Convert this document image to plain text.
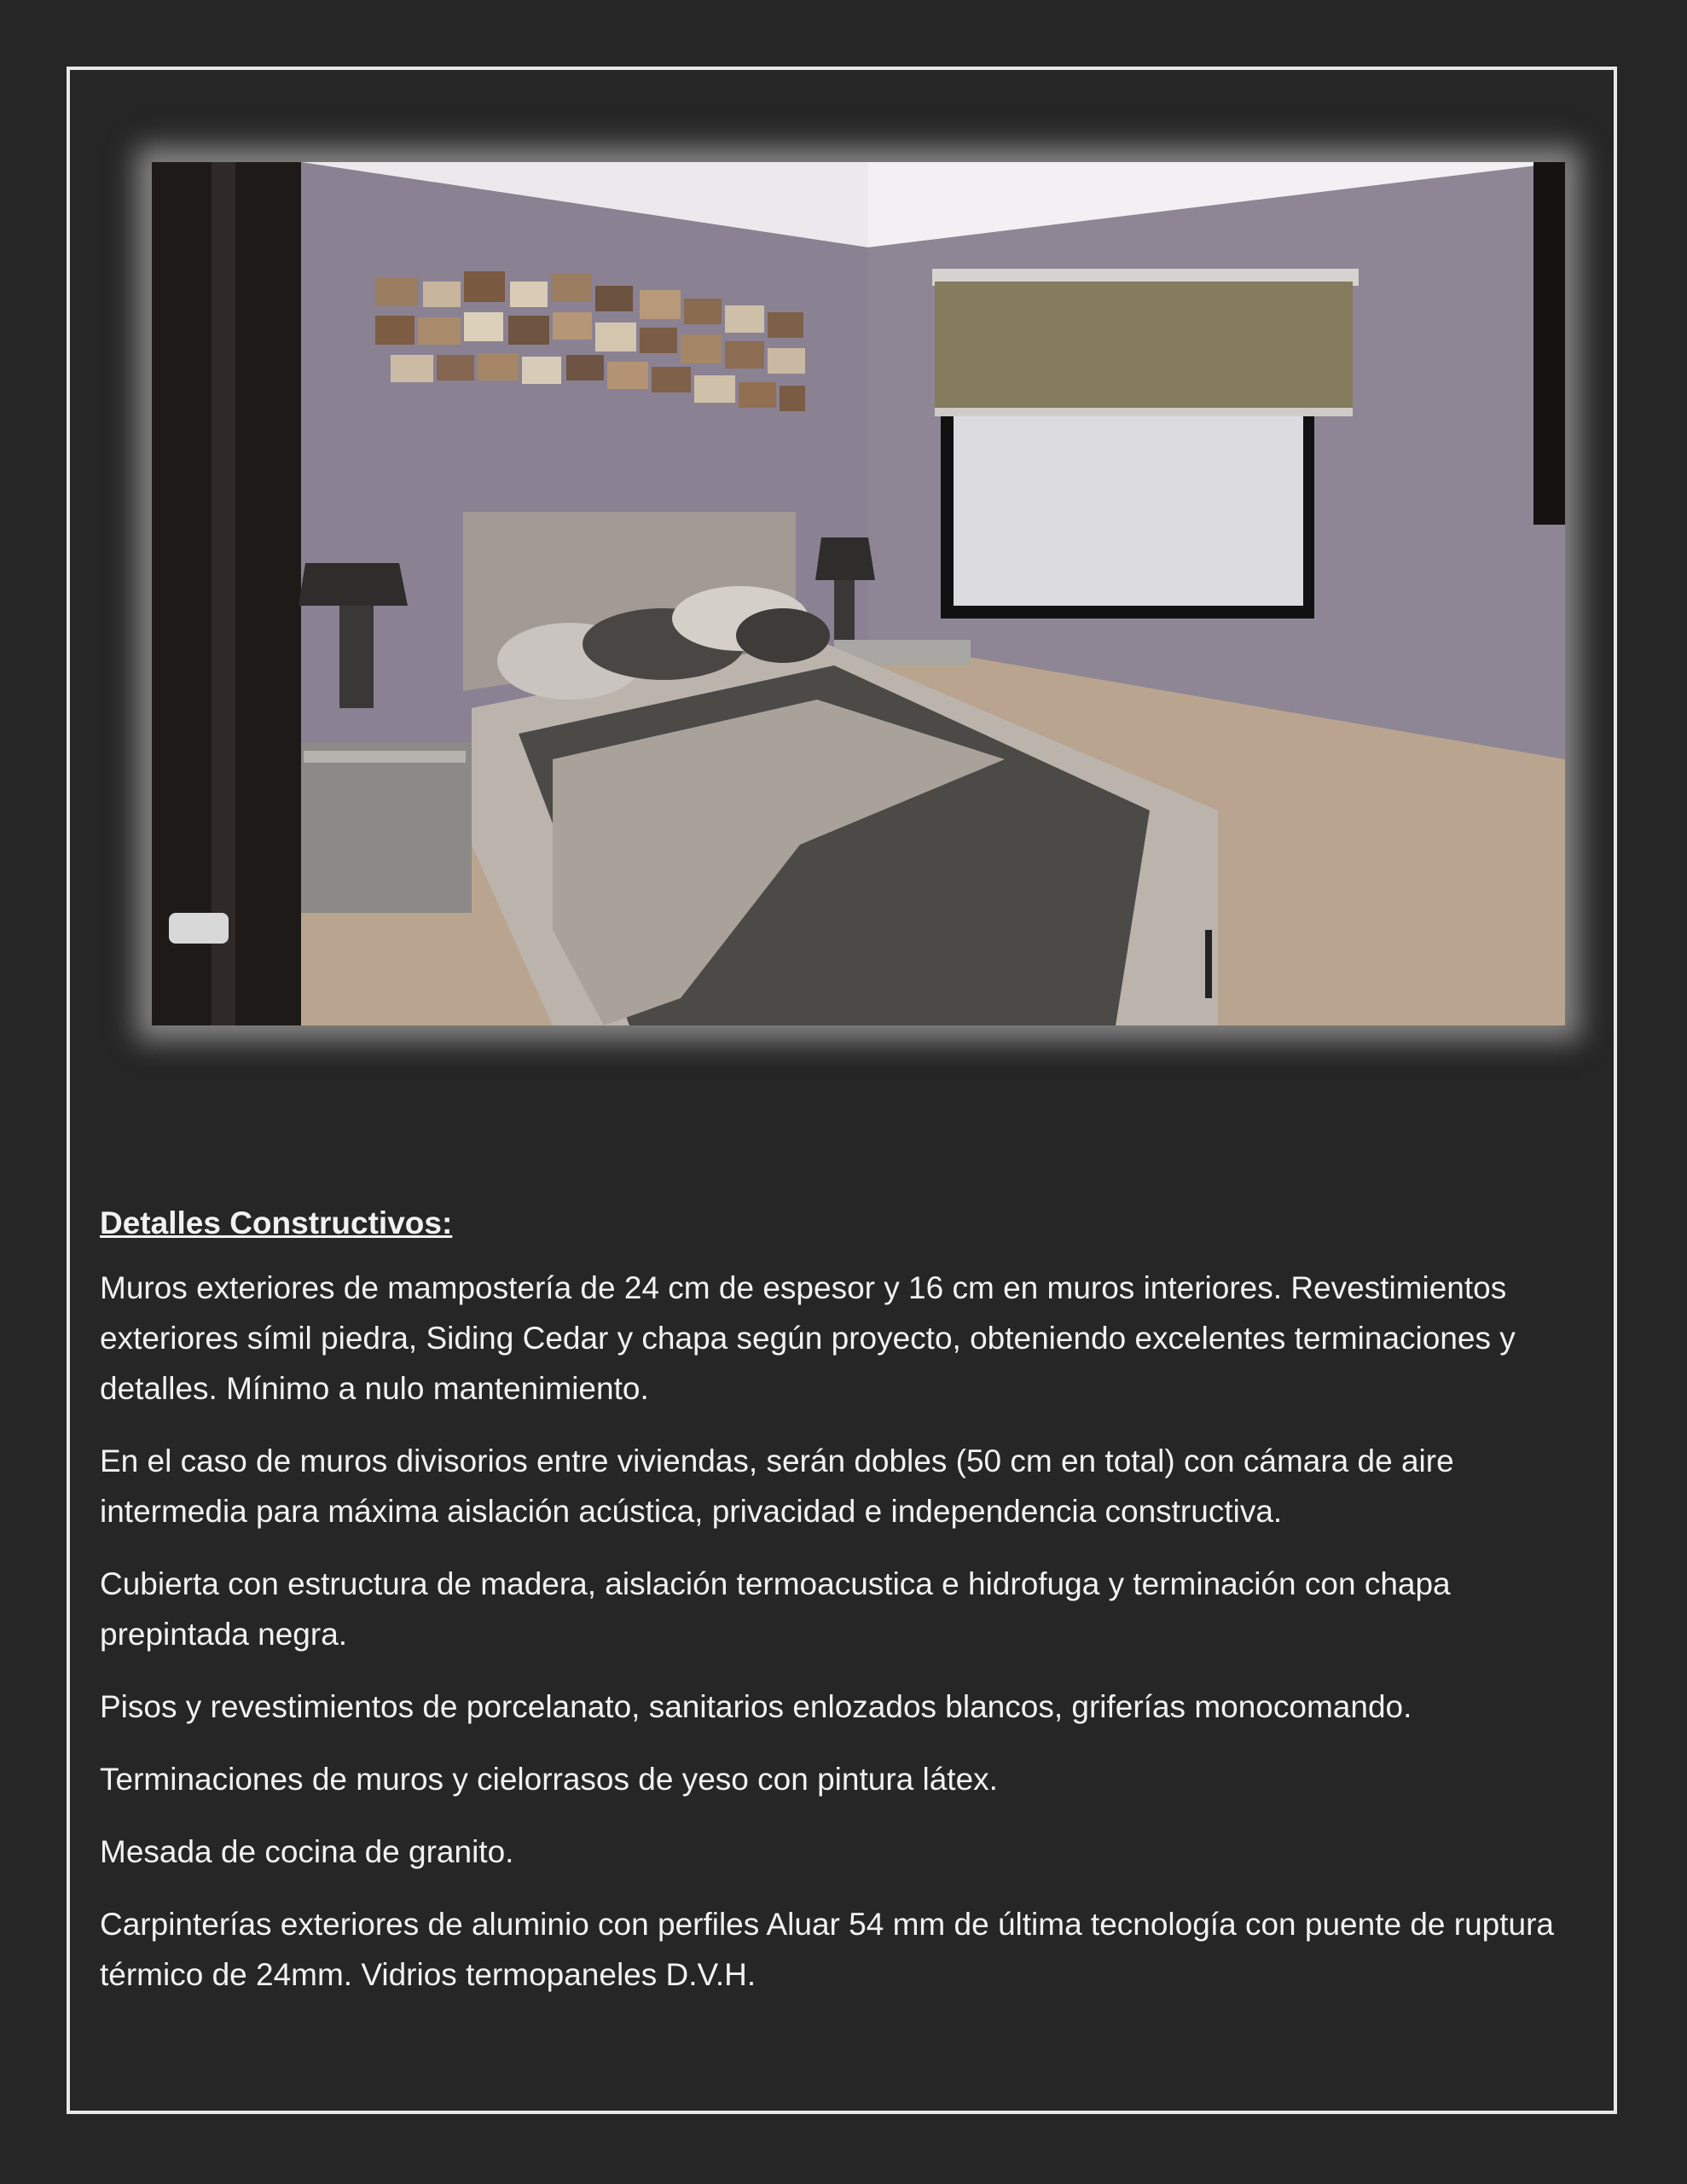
Detalles Constructivos:

Muros exteriores de mampostería de 24 cm de espesor y 16 cm en muros interiores. Revestimientos exteriores símil piedra, Siding Cedar y chapa según proyecto, obteniendo excelentes terminaciones y detalles. Mínimo a nulo mantenimiento.

En el caso de muros divisorios entre viviendas, serán dobles (50 cm en total) con cámara de aire intermedia para máxima aislación acústica, privacidad e independencia constructiva.

Cubierta con estructura de madera, aislación termoacustica e hidrofuga y terminación con chapa prepintada negra.

Pisos y revestimientos de porcelanato, sanitarios enlozados blancos, griferías monocomando.

Terminaciones de muros y cielorrasos de yeso con pintura látex.

Mesada de cocina de granito.

Carpinterías exteriores de aluminio con perfiles Aluar 54 mm de última tecnología con puente de ruptura térmico de 24mm. Vidrios termopaneles D.V.H.
